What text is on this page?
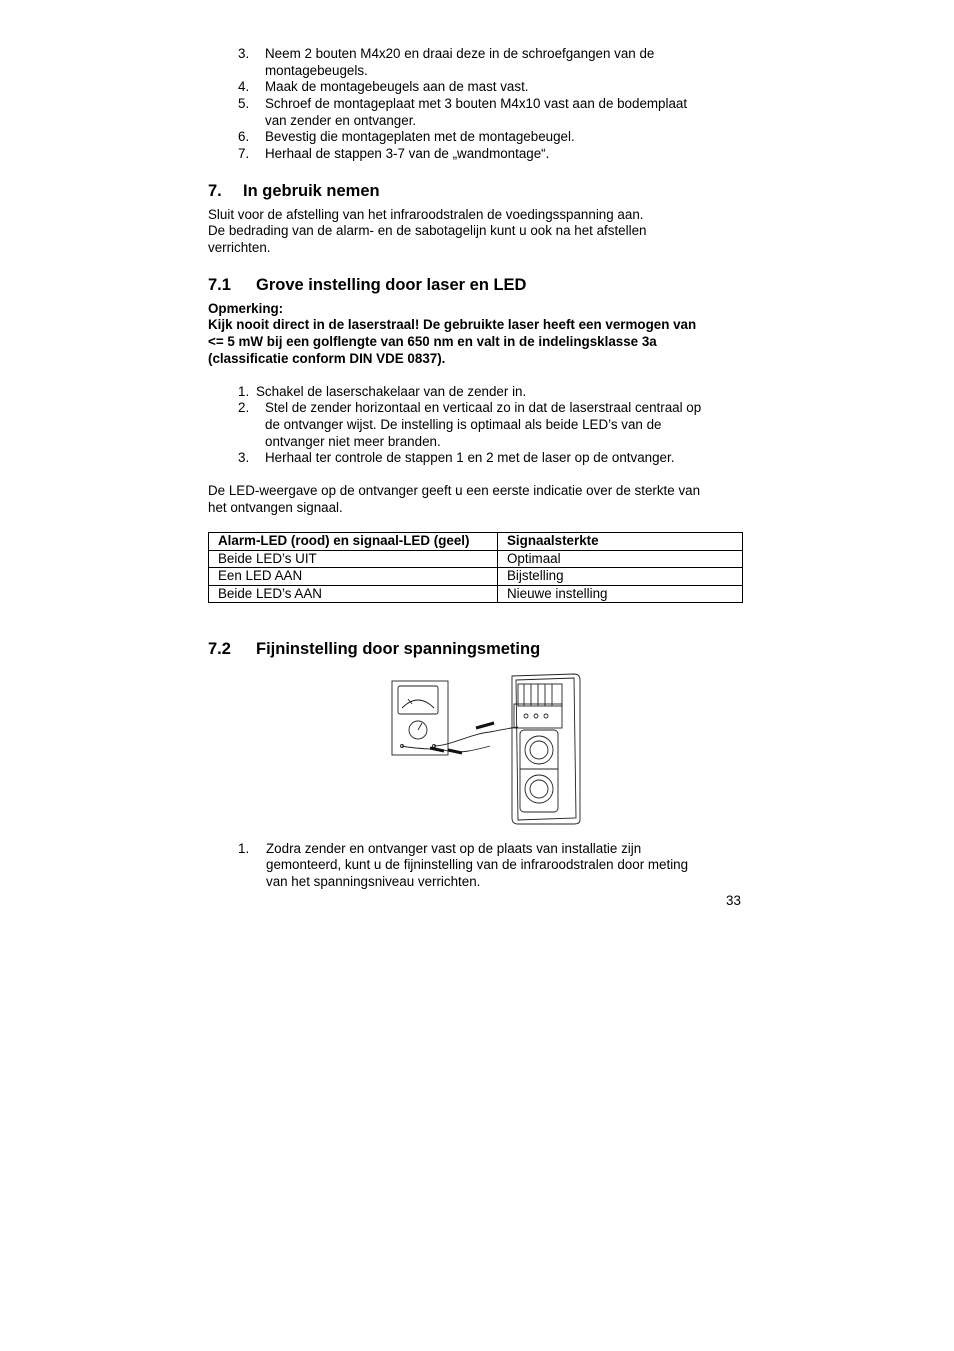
3. Neem 2 bouten M4x20 en draai deze in de schroefgangen van de
montagebeugels.
4. Maak de montagebeugels aan de mast vast.
5. Schroef de montageplaat met 3 bouten M4x10 vast aan de bodemplaat
van zender en ontvanger.
6. Bevestig die montageplaten met de montagebeugel.
7. Herhaal de stappen 3-7 van de „wandmontage“.
7. In gebruik nemen
Sluit voor de afstelling van het infraroodstralen de voedingsspanning aan.
De bedrading van de alarm- en de sabotagelijn kunt u ook na het afstellen
verrichten.
7.1 Grove instelling door laser en LED
Opmerking:
Kijk nooit direct in de laserstraal! De gebruikte laser heeft een vermogen van
<= 5 mW bij een golflengte van 650 nm en valt in de indelingsklasse 3a
(classificatie conform DIN VDE 0837).
1. Schakel de laserschakelaar van de zender in.
2. Stel de zender horizontaal en verticaal zo in dat de laserstraal centraal op
de ontvanger wijst. De instelling is optimaal als beide LED’s van de
ontvanger niet meer branden.
3. Herhaal ter controle de stappen 1 en 2 met de laser op de ontvanger.
De LED-weergave op de ontvanger geeft u een eerste indicatie over de sterkte van
het ontvangen signaal.
Alarm-LED (rood) en signaal-LED (geel)	Signaalsterkte
Beide LED’s UIT	Optimaal
Een LED AAN	Bijstelling
Beide LED’s AAN	Nieuwe instelling
7.2 Fijninstelling door spanningsmeting
1. Zodra zender en ontvanger vast op de plaats van installatie zijn
gemonteerd, kunt u de fijninstelling van de infraroodstralen door meting
van het spanningsniveau verrichten.
33
